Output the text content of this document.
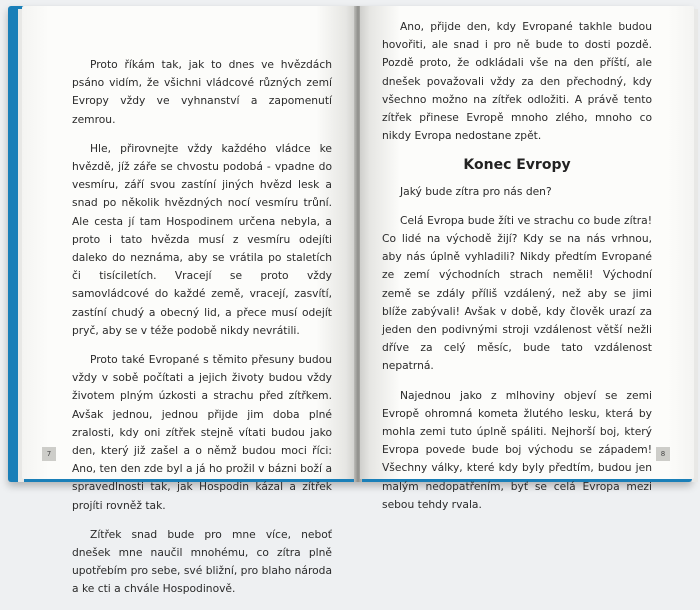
Proto říkám tak, jak to dnes ve hvězdách psáno vidím, že všichni vládcové různých zemí Evropy vždy ve vyhnanství a zapomenutí zemrou.

Hle, přirovnejte vždy každého vládce ke hvězdě, jíž záře se chvostu podobá - vpadne do vesmíru, září svou zastíní jiných hvězd lesk a snad po několik hvězdných nocí vesmíru trůní. Ale cesta jí tam Hospodinem určena nebyla, a proto i tato hvězda musí z vesmíru odejíti daleko do neznáma, aby se vrátila po staletích či tisíciletích. Vracejí se proto vždy samovládcové do každé země, vracejí, zasvítí, zastíní chudý a obecný lid, a přece musí odejít pryč, aby se v téže podobě nikdy nevrátili.

Proto také Evropané s těmito přesuny budou vždy v sobě počítati a jejich životy budou vždy životem plným úzkosti a strachu před zítřkem. Avšak jednou, jednou přijde jim doba plné zralosti, kdy oni zítřek stejně vítati budou jako den, který již zašel a o němž budou moci říci: Ano, ten den zde byl a já ho prožil v bázni boží a spravedlnosti tak, jak Hospodin kázal a zítřek projíti rovněž tak.

Zítřek snad bude pro mne více, neboť dnešek mne naučil mnohému, co zítra plně upotřebím pro sebe, své bližní, pro blaho národa a ke cti a chvále Hospodinově.

7

Ano, přijde den, kdy Evropané takhle budou hovořiti, ale snad i pro ně bude to dosti pozdě. Pozdě proto, že odkládali vše na den příští, ale dnešek považovali vždy za den přechodný, kdy všechno možno na zítřek odložiti. A právě tento zítřek přinese Evropě mnoho zlého, mnoho co nikdy Evropa nedostane zpět.

Konec Evropy

Jaký bude zítra pro nás den?

Celá Evropa bude žíti ve strachu co bude zítra! Co lidé na východě žijí? Kdy se na nás vrhnou, aby nás úplně vyhladili? Nikdy předtím Evropané ze zemí východních strach neměli! Východní země se zdály příliš vzdálený, než aby se jimi blíže zabývali! Avšak v době, kdy člověk urazí za jeden den podivnými stroji vzdálenost větší nežli dříve za celý měsíc, bude tato vzdálenost nepatrná.

Najednou jako z mlhoviny objeví se zemi Evropě ohromná kometa žlutého lesku, která by mohla zemi tuto úplně spáliti. Nejhorší boj, který Evropa povede bude boj východu se západem! Všechny války, které kdy byly předtím, budou jen malým nedopatřením, byť se celá Evropa mezi sebou tehdy rvala.

8
